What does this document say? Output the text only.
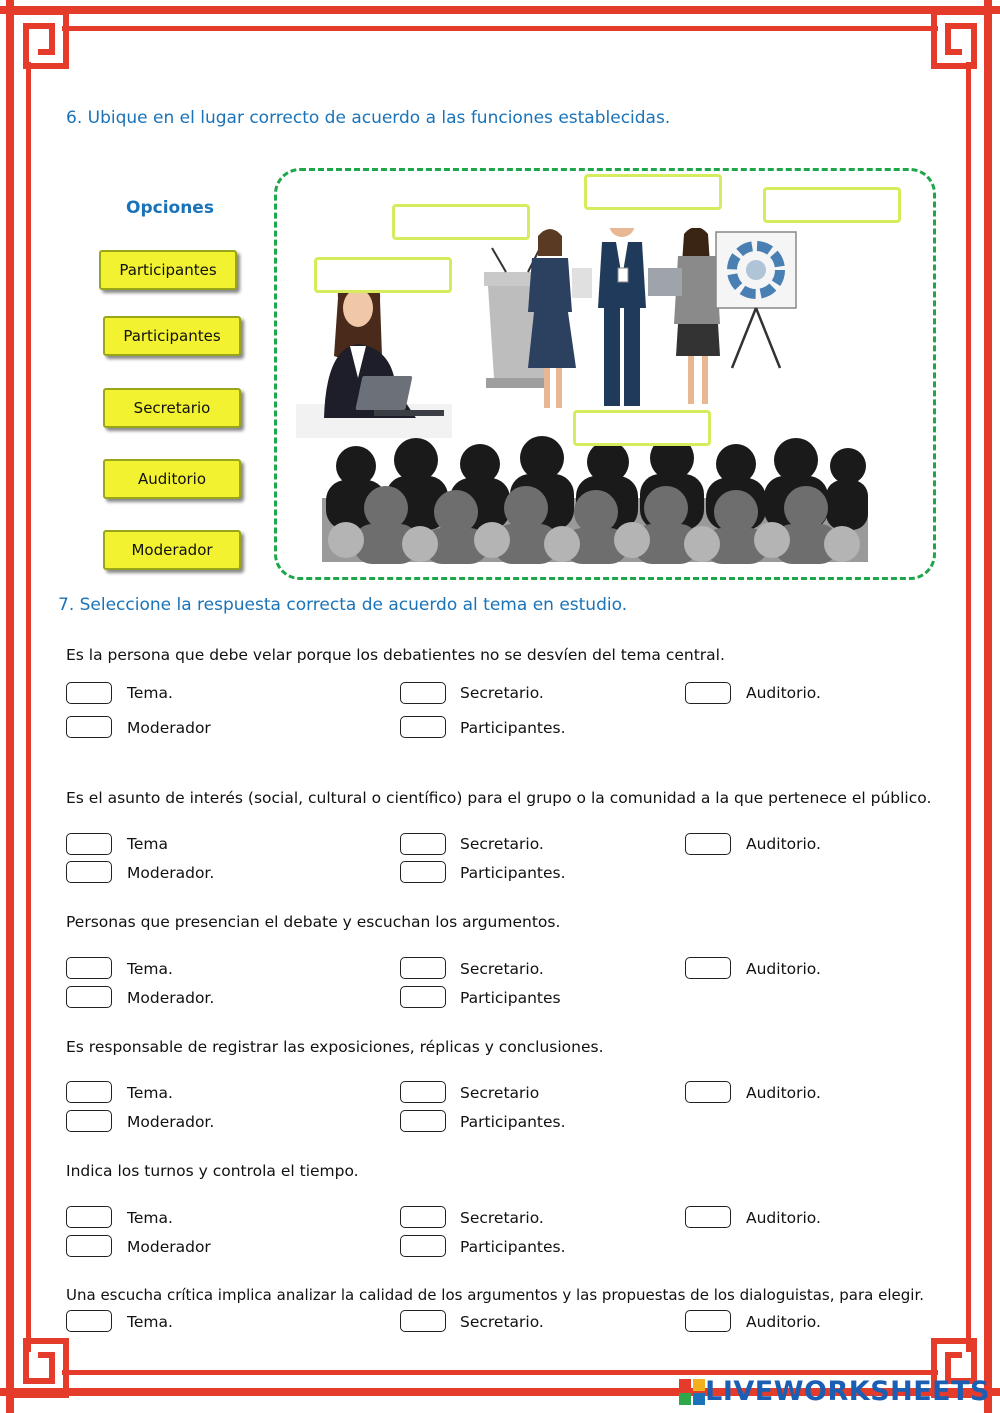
6. Ubique en el lugar correcto de acuerdo a las funciones establecidas.
Opciones
Participantes
Participantes
Secretario
Auditorio
Moderador
7. Seleccione la respuesta correcta de acuerdo al tema en estudio.
Es la persona que debe velar porque los debatientes no se desvíen del tema central.
Tema.	Secretario.	Auditorio.
Moderador	Participantes.
Es el asunto de interés (social, cultural o científico) para el grupo o la comunidad a la que pertenece el público.
Tema	Secretario.	Auditorio.
Moderador.	Participantes.
Personas que presencian el debate y escuchan los argumentos.
Tema.	Secretario.	Auditorio.
Moderador.	Participantes
Es responsable de registrar las exposiciones, réplicas y conclusiones.
Tema.	Secretario	Auditorio.
Moderador.	Participantes.
Indica los turnos y controla el tiempo.
Tema.	Secretario.	Auditorio.
Moderador	Participantes.
Una escucha crítica implica analizar la calidad de los argumentos y las propuestas de los dialoguistas, para elegir.
Tema.	Secretario.	Auditorio.
LIVEWORKSHEETS
